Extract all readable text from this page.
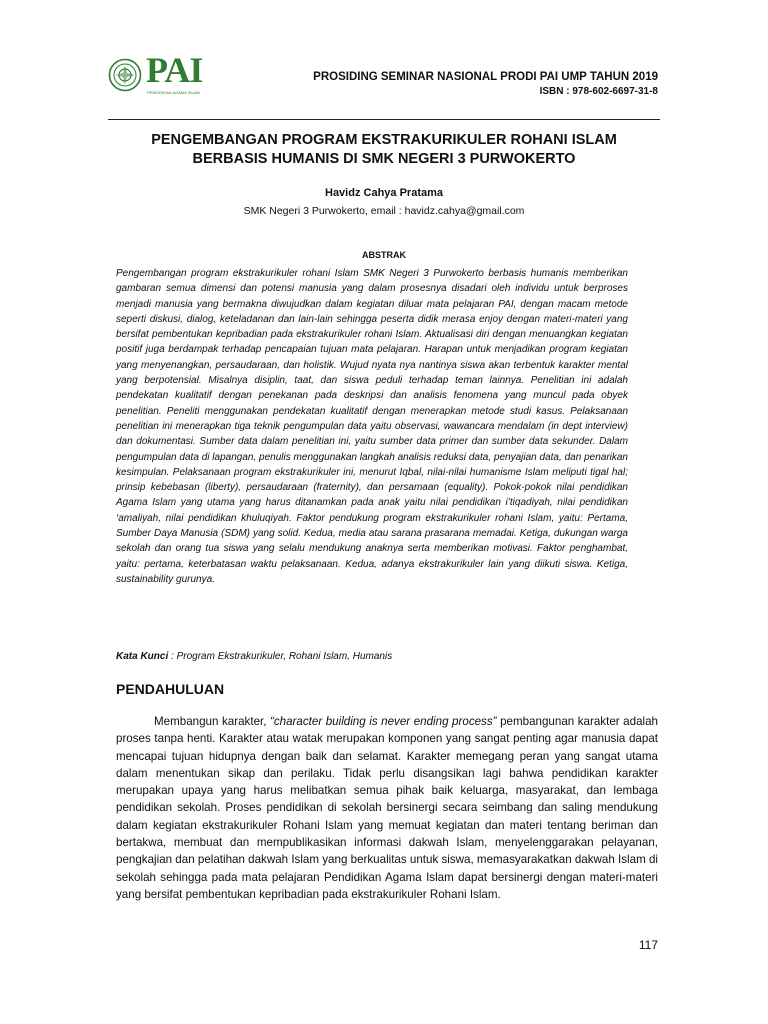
PAI
PENDIDIKAN AGAMA ISLAM
PROSIDING SEMINAR NASIONAL PRODI PAI UMP TAHUN 2019
ISBN : 978-602-6697-31-8
PENGEMBANGAN PROGRAM EKSTRAKURIKULER ROHANI ISLAM
BERBASIS HUMANIS DI SMK NEGERI 3 PURWOKERTO
Havidz Cahya Pratama
SMK Negeri 3 Purwokerto, email : havidz.cahya@gmail.com
ABSTRAK
Pengembangan program ekstrakurikuler rohani Islam SMK Negeri 3 Purwokerto berbasis humanis memberikan gambaran semua dimensi dan potensi manusia yang dalam prosesnya disadari oleh individu untuk berproses menjadi manusia yang bermakna diwujudkan dalam kegiatan diluar mata pelajaran PAI, dengan macam metode seperti diskusi, dialog, keteladanan dan lain-lain sehingga peserta didik merasa enjoy dengan materi-materi yang bersifat pembentukan kepribadian pada ekstrakurikuler rohani Islam. Aktualisasi diri dengan menuangkan kegiatan positif juga berdampak terhadap pencapaian tujuan mata pelajaran. Harapan untuk menjadikan program kegiatan yang menyenangkan, persaudaraan, dan holistik. Wujud nyata nya nantinya siswa akan terbentuk karakter mental yang berpotensial. Misalnya disiplin, taat, dan siswa peduli terhadap teman lainnya. Penelitian ini adalah pendekatan kualitatif dengan penekanan pada deskripsi dan analisis fenomena yang muncul pada obyek penelitian. Peneliti menggunakan pendekatan kualitatif dengan menerapkan metode studi kasus. Pelaksanaan penelitian ini menerapkan tiga teknik pengumpulan data yaitu observasi, wawancara mendalam (in dept interview) dan dokumentasi. Sumber data dalam penelitian ini, yaitu sumber data primer dan sumber data sekunder. Dalam pengumpulan data di lapangan, penulis menggunakan langkah analisis reduksi data, penyajian data, dan penarikan kesimpulan. Pelaksanaan program ekstrakurikuler ini, menurut Iqbal, nilai-nilai humanisme Islam meliputi tigal hal; prinsip kebebasan (liberty), persaudaraan (fraternity), dan persamaan (equality). Pokok-pokok nilai pendidikan Agama Islam yang utama yang harus ditanamkan pada anak yaitu nilai pendidikan i’tiqadiyah, nilai pendidikan ‘amaliyah, nilai pendidikan khuluqiyah. Faktor pendukung program ekstrakurikuler rohani Islam, yaitu: Pertama, Sumber Daya Manusia (SDM) yang solid. Kedua, media atau sarana prasarana memadai. Ketiga, dukungan warga sekolah dan orang tua siswa yang selalu mendukung anaknya serta memberikan motivasi. Faktor penghambat, yaitu: pertama, keterbatasan waktu pelaksanaan. Kedua, adanya ekstrakurikuler lain yang diikuti siswa. Ketiga, sustainability gurunya.
Kata Kunci : Program Ekstrakurikuler, Rohani Islam, Humanis
PENDAHULUAN
Membangun karakter, “character building is never ending process” pembangunan karakter adalah proses tanpa henti. Karakter atau watak merupakan komponen yang sangat penting agar manusia dapat mencapai tujuan hidupnya dengan baik dan selamat. Karakter memegang peran yang sangat utama dalam menentukan sikap dan perilaku. Tidak perlu disangsikan lagi bahwa pendidikan karakter merupakan upaya yang harus melibatkan semua pihak baik keluarga, masyarakat, dan lembaga pendidikan sekolah. Proses pendidikan di sekolah bersinergi secara seimbang dan saling mendukung dalam kegiatan ekstrakurikuler Rohani Islam yang memuat kegiatan dan materi tentang beriman dan bertakwa, membuat dan mempublikasikan informasi dakwah Islam, menyelenggarakan pelayanan, pengkajian dan pelatihan dakwah Islam yang berkualitas untuk siswa, memasyarakatkan dakwah Islam di sekolah sehingga pada mata pelajaran Pendidikan Agama Islam dapat bersinergi dengan materi-materi yang bersifat pembentukan kepribadian pada ekstrakurikuler Rohani Islam.
117
